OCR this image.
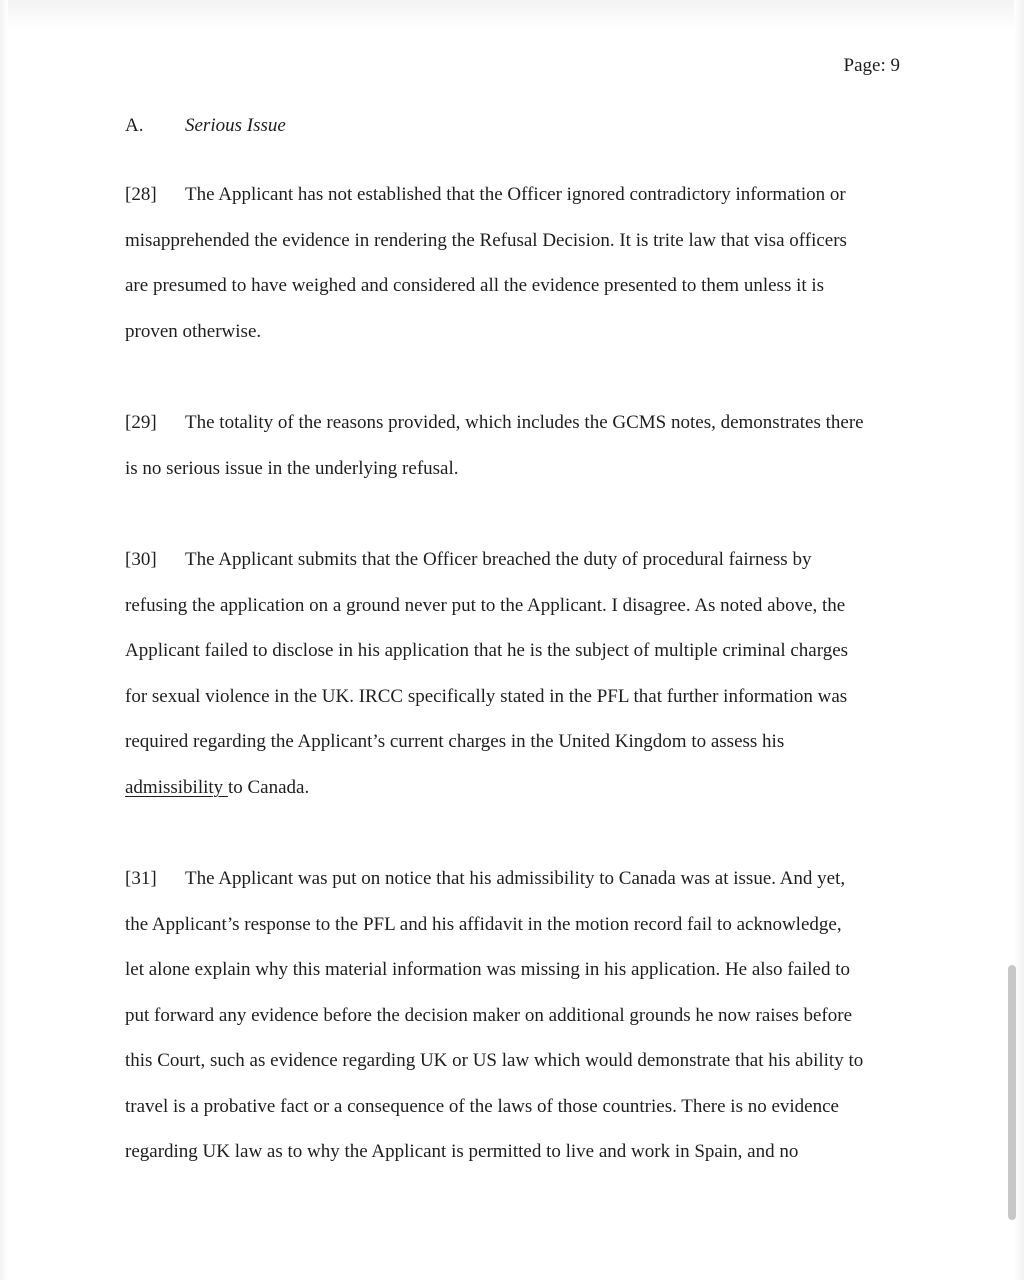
Page: 9
A. Serious Issue
[28] The Applicant has not established that the Officer ignored contradictory information or
misapprehended the evidence in rendering the Refusal Decision. It is trite law that visa officers
are presumed to have weighed and considered all the evidence presented to them unless it is
proven otherwise.
[29] The totality of the reasons provided, which includes the GCMS notes, demonstrates there
is no serious issue in the underlying refusal.
[30] The Applicant submits that the Officer breached the duty of procedural fairness by
refusing the application on a ground never put to the Applicant. I disagree. As noted above, the
Applicant failed to disclose in his application that he is the subject of multiple criminal charges
for sexual violence in the UK. IRCC specifically stated in the PFL that further information was
required regarding the Applicant’s current charges in the United Kingdom to assess his
admissibility to Canada.
[31] The Applicant was put on notice that his admissibility to Canada was at issue. And yet,
the Applicant’s response to the PFL and his affidavit in the motion record fail to acknowledge,
let alone explain why this material information was missing in his application. He also failed to
put forward any evidence before the decision maker on additional grounds he now raises before
this Court, such as evidence regarding UK or US law which would demonstrate that his ability to
travel is a probative fact or a consequence of the laws of those countries. There is no evidence
regarding UK law as to why the Applicant is permitted to live and work in Spain, and no
